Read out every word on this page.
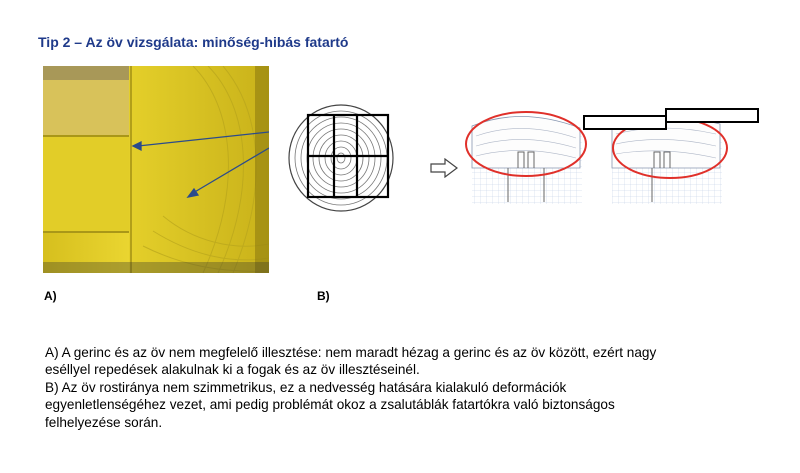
Tip 2 – Az öv vizsgálata: minőség-hibás fatartó
A)	B)

A) A gerinc és az öv nem megfelelő illesztése: nem maradt hézag a gerinc és az öv között, ezért nagy eséllyel repedések alakulnak ki a fogak és az öv illesztéseinél.

B) Az öv rostiránya nem szimmetrikus, ez a nedvesség hatására kialakuló deformációk egyenletlenségéhez vezet, ami pedig problémát okoz a zsalutáblák fatartókra való biztonságos felhelyezése során.
